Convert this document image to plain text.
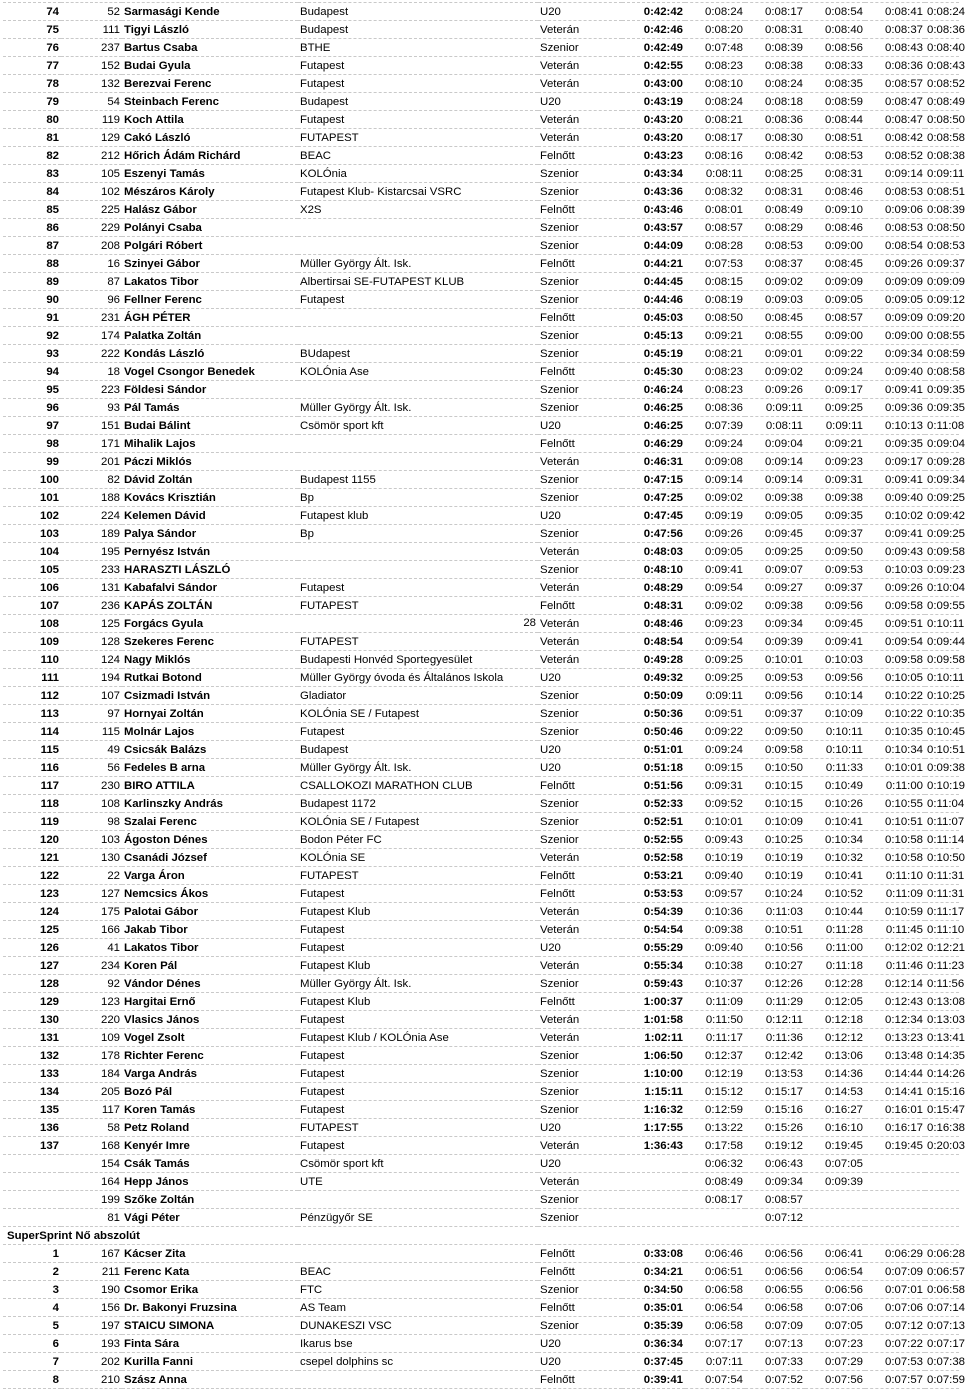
74	52	Sarmasági Kende	Budapest	U20	0:42:42	0:08:24	0:08:17	0:08:54	0:08:41	0:08:24
75	111	Tigyi László	Budapest	Veterán	0:42:46	0:08:20	0:08:31	0:08:40	0:08:37	0:08:36
76	237	Bartus Csaba	BTHE	Szenior	0:42:49	0:07:48	0:08:39	0:08:56	0:08:43	0:08:40
77	152	Budai Gyula	Futapest	Veterán	0:42:55	0:08:23	0:08:38	0:08:33	0:08:36	0:08:43
78	132	Berezvai Ferenc	Futapest	Veterán	0:43:00	0:08:10	0:08:24	0:08:35	0:08:57	0:08:52
79	54	Steinbach Ferenc	Budapest	U20	0:43:19	0:08:24	0:08:18	0:08:59	0:08:47	0:08:49
80	119	Koch Attila	Futapest	Veterán	0:43:20	0:08:21	0:08:36	0:08:44	0:08:47	0:08:50
81	129	Cakó László	FUTAPEST	Veterán	0:43:20	0:08:17	0:08:30	0:08:51	0:08:42	0:08:58
82	212	Hőrich Ádám Richárd	BEAC	Felnőtt	0:43:23	0:08:16	0:08:42	0:08:53	0:08:52	0:08:38
83	105	Eszenyi Tamás	KOLÓnia	Szenior	0:43:34	0:08:11	0:08:25	0:08:31	0:09:14	0:09:11
84	102	Mészáros Károly	Futapest Klub- Kistarcsai VSRC	Szenior	0:43:36	0:08:32	0:08:31	0:08:46	0:08:53	0:08:51
85	225	Halász Gábor	X2S	Felnőtt	0:43:46	0:08:01	0:08:49	0:09:10	0:09:06	0:08:39
86	229	Polányi Csaba		Szenior	0:43:57	0:08:57	0:08:29	0:08:46	0:08:53	0:08:50
87	208	Polgári Róbert		Szenior	0:44:09	0:08:28	0:08:53	0:09:00	0:08:54	0:08:53
88	16	Szinyei Gábor	Müller György Ált. Isk.	Felnőtt	0:44:21	0:07:53	0:08:37	0:08:45	0:09:26	0:09:37
89	87	Lakatos Tibor	Albertirsai SE-FUTAPEST KLUB	Szenior	0:44:45	0:08:15	0:09:02	0:09:09	0:09:09	0:09:09
90	96	Fellner Ferenc	Futapest	Szenior	0:44:46	0:08:19	0:09:03	0:09:05	0:09:05	0:09:12
91	231	ÁGH PÉTER		Felnőtt	0:45:03	0:08:50	0:08:45	0:08:57	0:09:09	0:09:20
92	174	Palatka Zoltán		Szenior	0:45:13	0:09:21	0:08:55	0:09:00	0:09:00	0:08:55
93	222	Kondás László	BUdapest	Szenior	0:45:19	0:08:21	0:09:01	0:09:22	0:09:34	0:08:59
94	18	Vogel Csongor Benedek	KOLÓnia Ase	Felnőtt	0:45:30	0:08:23	0:09:02	0:09:24	0:09:40	0:08:58
95	223	Földesi Sándor		Szenior	0:46:24	0:08:23	0:09:26	0:09:17	0:09:41	0:09:35
96	93	Pál Tamás	Müller György Ált. Isk.	Szenior	0:46:25	0:08:36	0:09:11	0:09:25	0:09:36	0:09:35
97	151	Budai Bálint	Csömör sport kft	U20	0:46:25	0:07:39	0:08:11	0:09:11	0:10:13	0:11:08
98	171	Mihalik Lajos		Felnőtt	0:46:29	0:09:24	0:09:04	0:09:21	0:09:35	0:09:04
99	201	Páczi Miklós		Veterán	0:46:31	0:09:08	0:09:14	0:09:23	0:09:17	0:09:28
100	82	Dávid Zoltán	Budapest 1155	Szenior	0:47:15	0:09:14	0:09:14	0:09:31	0:09:41	0:09:34
101	188	Kovács Krisztián	Bp	Szenior	0:47:25	0:09:02	0:09:38	0:09:38	0:09:40	0:09:25
102	224	Kelemen Dávid	Futapest klub	U20	0:47:45	0:09:19	0:09:05	0:09:35	0:10:02	0:09:42
103	189	Palya Sándor	Bp	Szenior	0:47:56	0:09:26	0:09:45	0:09:37	0:09:41	0:09:25
104	195	Pernyész István		Veterán	0:48:03	0:09:05	0:09:25	0:09:50	0:09:43	0:09:58
105	233	HARASZTI LÁSZLÓ		Szenior	0:48:10	0:09:41	0:09:07	0:09:53	0:10:03	0:09:23
106	131	Kabafalvi Sándor	Futapest	Veterán	0:48:29	0:09:54	0:09:27	0:09:37	0:09:26	0:10:04
107	236	KAPÁS ZOLTÁN	FUTAPEST	Felnőtt	0:48:31	0:09:02	0:09:38	0:09:56	0:09:58	0:09:55
108	125	Forgács Gyula	28	Veterán	0:48:46	0:09:23	0:09:34	0:09:45	0:09:51	0:10:11
109	128	Szekeres Ferenc	FUTAPEST	Veterán	0:48:54	0:09:54	0:09:39	0:09:41	0:09:54	0:09:44
110	124	Nagy Miklós	Budapesti Honvéd Sportegyesület	Veterán	0:49:28	0:09:25	0:10:01	0:10:03	0:09:58	0:09:58
111	194	Rutkai Botond	Müller György óvoda és Általános Iskola	U20	0:49:32	0:09:25	0:09:53	0:09:56	0:10:05	0:10:11
112	107	Csizmadi István	Gladiator	Szenior	0:50:09	0:09:11	0:09:56	0:10:14	0:10:22	0:10:25
113	97	Hornyai Zoltán	KOLÓnia SE / Futapest	Szenior	0:50:36	0:09:51	0:09:37	0:10:09	0:10:22	0:10:35
114	115	Molnár Lajos	Futapest	Szenior	0:50:46	0:09:22	0:09:50	0:10:11	0:10:35	0:10:45
115	49	Csicsák Balázs	Budapest	U20	0:51:01	0:09:24	0:09:58	0:10:11	0:10:34	0:10:51
116	56	Fedeles B arna	Müller György Ált. Isk.	U20	0:51:18	0:09:15	0:10:50	0:11:33	0:10:01	0:09:38
117	230	BIRO ATTILA	CSALLOKOZI MARATHON CLUB	Felnőtt	0:51:56	0:09:31	0:10:15	0:10:49	0:11:00	0:10:19
118	108	Karlinszky András	Budapest 1172	Szenior	0:52:33	0:09:52	0:10:15	0:10:26	0:10:55	0:11:04
119	98	Szalai Ferenc	KOLÓnia SE / Futapest	Szenior	0:52:51	0:10:01	0:10:09	0:10:41	0:10:51	0:11:07
120	103	Ágoston Dénes	Bodon Péter FC	Szenior	0:52:55	0:09:43	0:10:25	0:10:34	0:10:58	0:11:14
121	130	Csanádi József	KOLÓnia SE	Veterán	0:52:58	0:10:19	0:10:19	0:10:32	0:10:58	0:10:50
122	22	Varga Áron	FUTAPEST	Felnőtt	0:53:21	0:09:40	0:10:19	0:10:41	0:11:10	0:11:31
123	127	Nemcsics Ákos	Futapest	Felnőtt	0:53:53	0:09:57	0:10:24	0:10:52	0:11:09	0:11:31
124	175	Palotai Gábor	Futapest Klub	Veterán	0:54:39	0:10:36	0:11:03	0:10:44	0:10:59	0:11:17
125	166	Jakab Tibor	Futapest	Veterán	0:54:54	0:09:38	0:10:51	0:11:28	0:11:45	0:11:10
126	41	Lakatos Tibor	Futapest	U20	0:55:29	0:09:40	0:10:56	0:11:00	0:12:02	0:12:21
127	234	Koren Pál	Futapest Klub	Veterán	0:55:34	0:10:38	0:10:27	0:11:18	0:11:46	0:11:23
128	92	Vándor Dénes	Müller György Ált. Isk.	Szenior	0:59:43	0:10:37	0:12:26	0:12:28	0:12:14	0:11:56
129	123	Hargitai Ernő	Futapest Klub	Felnőtt	1:00:37	0:11:09	0:11:29	0:12:05	0:12:43	0:13:08
130	220	Vlasics János	Futapest	Veterán	1:01:58	0:11:50	0:12:11	0:12:18	0:12:34	0:13:03
131	109	Vogel Zsolt	Futapest Klub / KOLÓnia Ase	Veterán	1:02:11	0:11:17	0:11:36	0:12:12	0:13:23	0:13:41
132	178	Richter Ferenc	Futapest	Szenior	1:06:50	0:12:37	0:12:42	0:13:06	0:13:48	0:14:35
133	184	Varga András	Futapest	Szenior	1:10:00	0:12:19	0:13:53	0:14:36	0:14:44	0:14:26
134	205	Bozó Pál	Futapest	Szenior	1:15:11	0:15:12	0:15:17	0:14:53	0:14:41	0:15:16
135	117	Koren Tamás	Futapest	Szenior	1:16:32	0:12:59	0:15:16	0:16:27	0:16:01	0:15:47
136	58	Petz Roland	FUTAPEST	U20	1:17:55	0:13:22	0:15:26	0:16:10	0:16:17	0:16:38
137	168	Kenyér Imre	Futapest	Veterán	1:36:43	0:17:58	0:19:12	0:19:45	0:19:45	0:20:03
	154	Csák Tamás	Csömör sport kft	U20		0:06:32	0:06:43	0:07:05		
	164	Hepp János	UTE	Veterán		0:08:49	0:09:34	0:09:39		
	199	Szőke Zoltán		Szenior		0:08:17	0:08:57			
	81	Vági Péter	Pénzügyőr SE	Szenior			0:07:12			
SuperSprint Nő abszolút										
1	167	Kácser Zita		Felnőtt	0:33:08	0:06:46	0:06:56	0:06:41	0:06:29	0:06:28
2	211	Ferenc Kata	BEAC	Felnőtt	0:34:21	0:06:51	0:06:56	0:06:54	0:07:09	0:06:57
3	190	Csomor Erika	FTC	Szenior	0:34:50	0:06:58	0:06:55	0:06:56	0:07:01	0:06:58
4	156	Dr. Bakonyi Fruzsina	AS Team	Felnőtt	0:35:01	0:06:54	0:06:58	0:07:06	0:07:06	0:07:14
5	197	STAICU SIMONA	DUNAKESZI VSC	Szenior	0:35:39	0:06:58	0:07:09	0:07:05	0:07:12	0:07:13
6	193	Finta Sára	Ikarus bse	U20	0:36:34	0:07:17	0:07:13	0:07:23	0:07:22	0:07:17
7	202	Kurilla Fanni	csepel dolphins sc	U20	0:37:45	0:07:11	0:07:33	0:07:29	0:07:53	0:07:38
8	210	Szász Anna		Felnőtt	0:39:41	0:07:54	0:07:52	0:07:56	0:07:57	0:07:59
